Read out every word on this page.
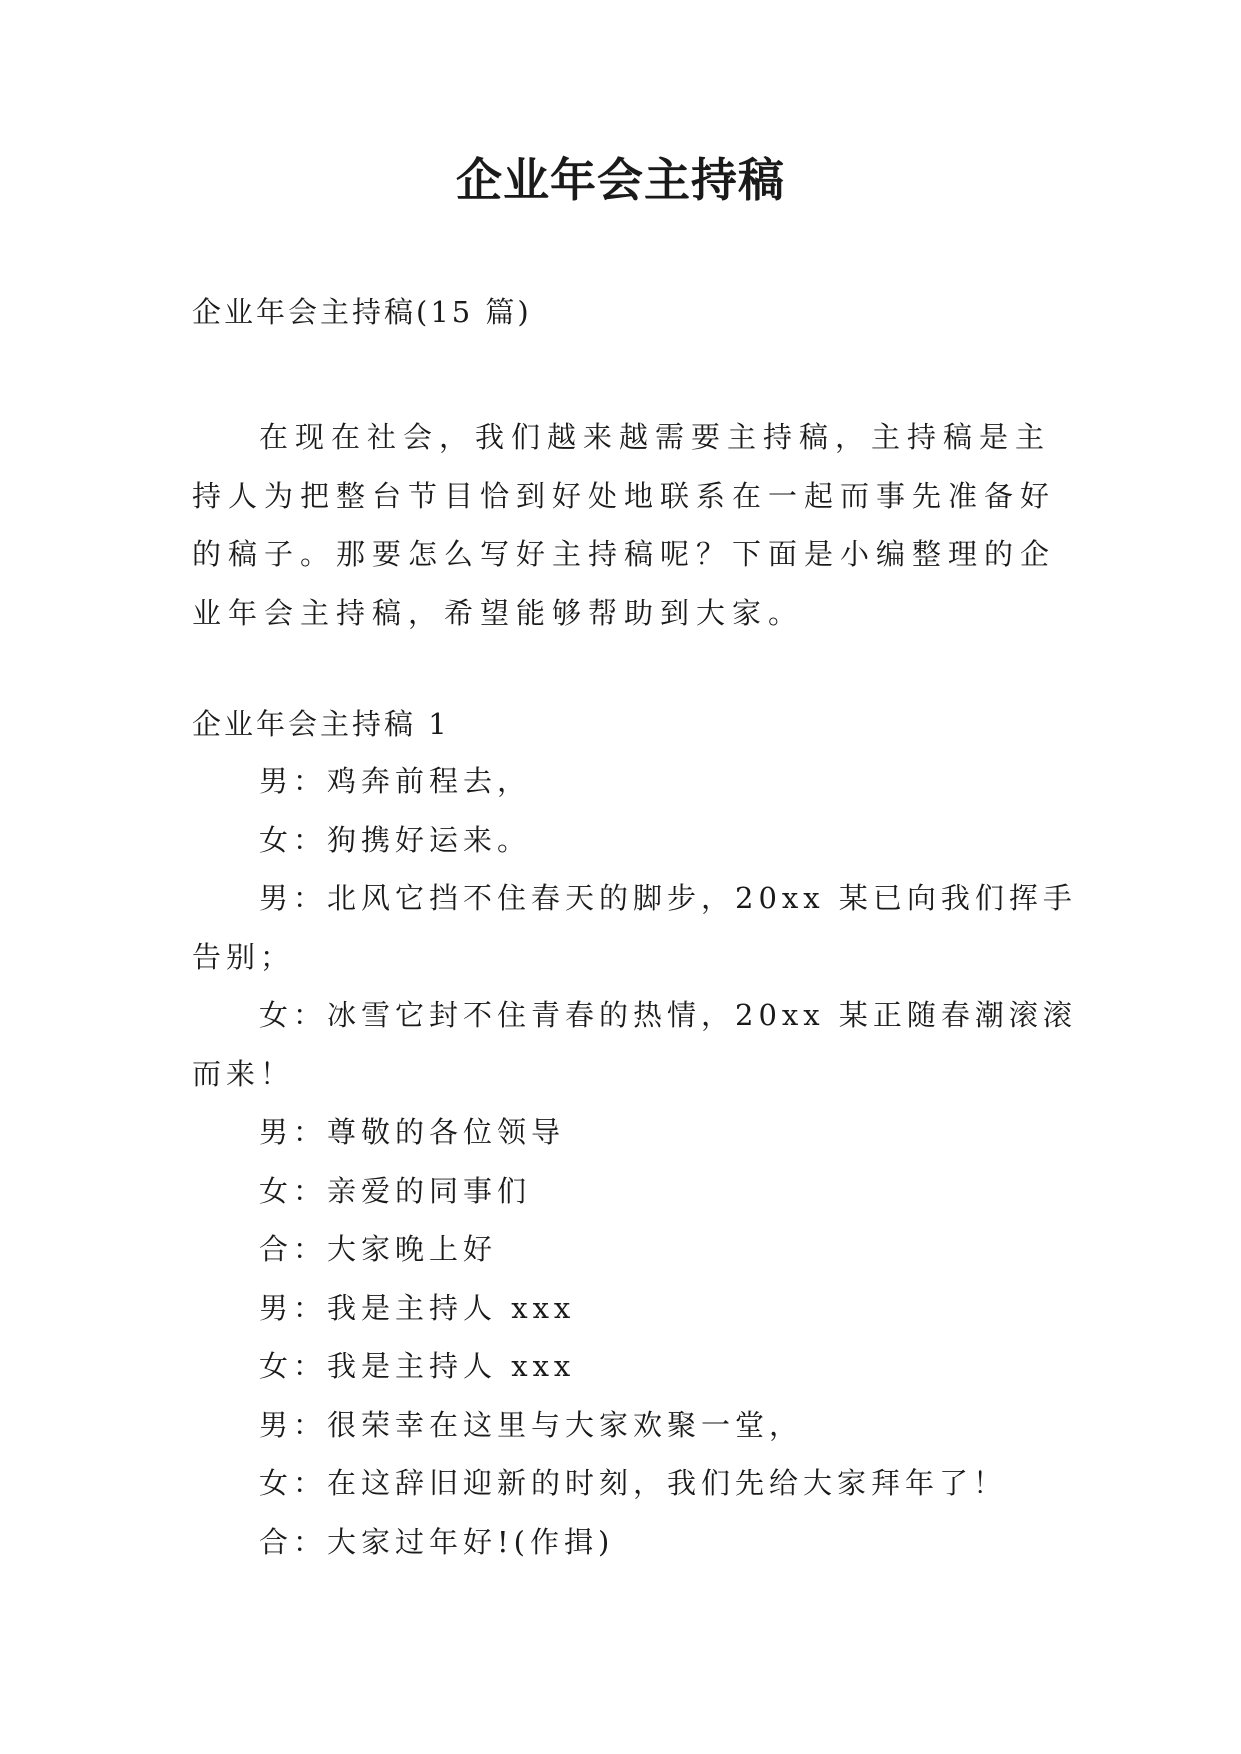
企业年会主持稿
企业年会主持稿(15 篇)

在现在社会，我们越来越需要主持稿，主持稿是主持人为把整台节目恰到好处地联系在一起而事先准备好的稿子。那要怎么写好主持稿呢？下面是小编整理的企业年会主持稿，希望能够帮助到大家。

企业年会主持稿 1

男：鸡奔前程去，

女：狗携好运来。

男：北风它挡不住春天的脚步，20xx 某已向我们挥手告别；

女：冰雪它封不住青春的热情，20xx 某正随春潮滚滚而来！

男：尊敬的各位领导

女：亲爱的同事们

合：大家晚上好

男：我是主持人 xxx

女：我是主持人 xxx

男：很荣幸在这里与大家欢聚一堂，

女：在这辞旧迎新的时刻，我们先给大家拜年了！

合：大家过年好!(作揖)
